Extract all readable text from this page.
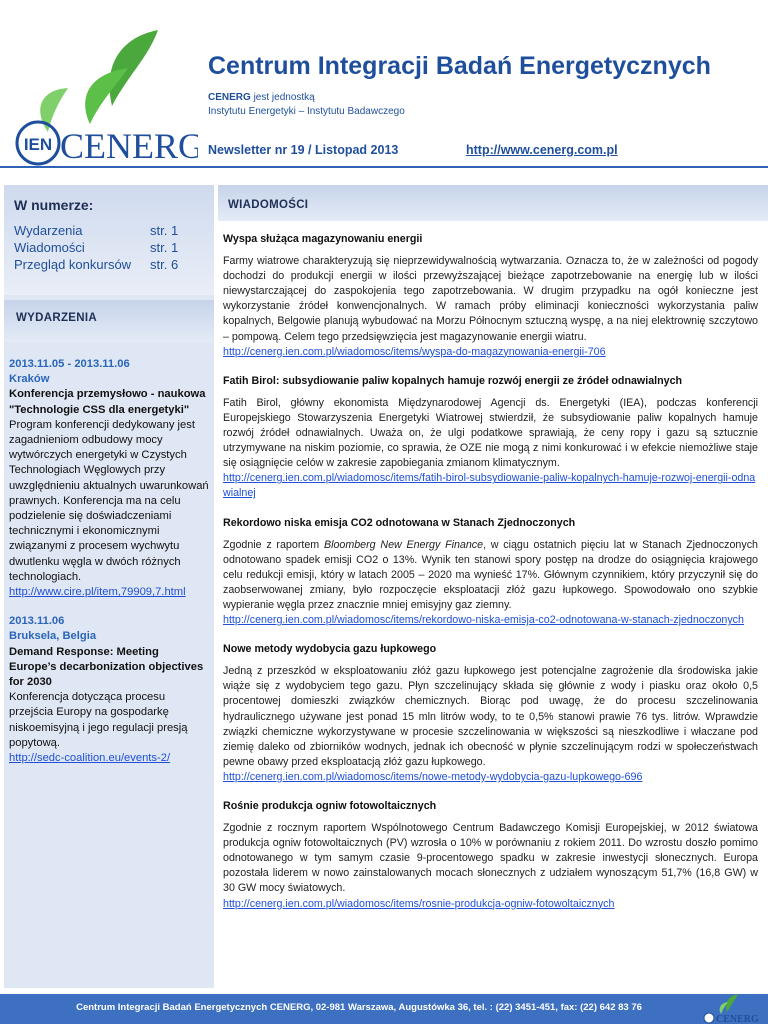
IEN CENERG
Centrum Integracji Badań Energetycznych
CENERG jest jednostką
Instytutu Energetyki – Instytutu Badawczego
Newsletter nr 19 / Listopad 2013	http://www.cenerg.com.pl
W numerze:
Wydarzenia	str. 1
Wiadomości	str. 1
Przegląd konkursów str. 6
WYDARZENIA
2013.11.05 - 2013.11.06
Kraków
Konferencja przemysłowo - naukowa "Technologie CSS dla energetyki"
Program konferencji dedykowany jest zagadnieniom odbudowy mocy wytwórczych energetyki w Czystych Technologiach Węglowych przy uwzględnieniu aktualnych uwarunkowań prawnych. Konferencja ma na celu podzielenie się doświadczeniami technicznymi i ekonomicznymi związanymi z procesem wychwytu dwutlenku węgla w dwóch różnych technologiach.
http://www.cire.pl/item,79909,7.html
2013.11.06
Bruksela, Belgia
Demand Response: Meeting Europe’s decarbonization objectives for 2030
Konferencja dotycząca procesu przejścia Europy na gospodarkę niskoemisyjną i jego regulacji presją popytową.
http://sedc-coalition.eu/events-2/
WIADOMOŚCI
Wyspa służąca magazynowaniu energii
Farmy wiatrowe charakteryzują się nieprzewidywalnością wytwarzania. Oznacza to, że w zależności od pogody dochodzi do produkcji energii w ilości przewyższającej bieżące zapotrzebowanie na energię lub w ilości niewystarczającej do zaspokojenia tego zapotrzebowania. W drugim przypadku na ogół konieczne jest wykorzystanie źródeł konwencjonalnych. W ramach próby eliminacji konieczności wykorzystania paliw kopalnych, Belgowie planują wybudować na Morzu Północnym sztuczną wyspę, a na niej elektrownię szczytowo – pompową. Celem tego przedsięwzięcia jest magazynowanie energii wiatru.
http://cenerg.ien.com.pl/wiadomosc/items/wyspa-do-magazynowania-energii-706
Fatih Birol: subsydiowanie paliw kopalnych hamuje rozwój energii ze źródeł odnawialnych
Fatih Birol, główny ekonomista Międzynarodowej Agencji ds. Energetyki (IEA), podczas konferencji Europejskiego Stowarzyszenia Energetyki Wiatrowej stwierdził, że subsydiowanie paliw kopalnych hamuje rozwój źródeł odnawialnych. Uważa on, że ulgi podatkowe sprawiają, że ceny ropy i gazu są sztucznie utrzymywane na niskim poziomie, co sprawia, że OZE nie mogą z nimi konkurować i w efekcie niemożliwe staje się osiągnięcie celów w zakresie zapobiegania zmianom klimatycznym.
http://cenerg.ien.com.pl/wiadomosc/items/fatih-birol-subsydiowanie-paliw-kopalnych-hamuje-rozwoj-energii-odnawialnej
Rekordowo niska emisja CO2 odnotowana w Stanach Zjednoczonych
Zgodnie z raportem Bloomberg New Energy Finance, w ciągu ostatnich pięciu lat w Stanach Zjednoczonych odnotowano spadek emisji CO2 o 13%. Wynik ten stanowi spory postęp na drodze do osiągnięcia krajowego celu redukcji emisji, który w latach 2005 – 2020 ma wynieść 17%. Głównym czynnikiem, który przyczynił się do zaobserwowanej zmiany, było rozpoczęcie eksploatacji złóż gazu łupkowego. Spowodowało ono szybkie wypieranie węgla przez znacznie mniej emisyjny gaz ziemny.
http://cenerg.ien.com.pl/wiadomosc/items/rekordowo-niska-emisja-co2-odnotowana-w-stanach-zjednoczonych
Nowe metody wydobycia gazu łupkowego
Jedną z przeszkód w eksploatowaniu złóż gazu łupkowego jest potencjalne zagrożenie dla środowiska jakie wiąże się z wydobyciem tego gazu. Płyn szczelinujący składa się głównie z wody i piasku oraz około 0,5 procentowej domieszki związków chemicznych. Biorąc pod uwagę, że do procesu szczelinowania hydraulicznego używane jest ponad 15 mln litrów wody, to te 0,5% stanowi prawie 76 tys. litrów. Wprawdzie związki chemiczne wykorzystywane w procesie szczelinowania w większości są nieszkodliwe i właczane pod ziemię daleko od zbiorników wodnych, jednak ich obecność w płynie szczelinującym rodzi w społeczeństwach pewne obawy przed eksploatacją złóż gazu łupkowego.
http://cenerg.ien.com.pl/wiadomosc/items/nowe-metody-wydobycia-gazu-lupkowego-696
Rośnie produkcja ogniw fotowoltaicznych
Zgodnie z rocznym raportem Wspólnotowego Centrum Badawczego Komisji Europejskiej, w 2012 światowa produkcja ogniw fotowoltaicznych (PV) wzrosła o 10% w porównaniu z rokiem 2011. Do wzrostu doszło pomimo odnotowanego w tym samym czasie 9-procentowego spadku w zakresie inwestycji słonecznych. Europa pozostała liderem w nowo zainstalowanych mocach słonecznych z udziałem wynoszącym 51,7% (16,8 GW) w 30 GW mocy światowych.
http://cenerg.ien.com.pl/wiadomosc/items/rosnie-produkcja-ogniw-fotowoltaicznych
Centrum Integracji Badań Energetycznych CENERG, 02-981 Warszawa, Augustówka 36, tel. : (22) 3451-451, fax: (22) 642 83 76
CENERG
